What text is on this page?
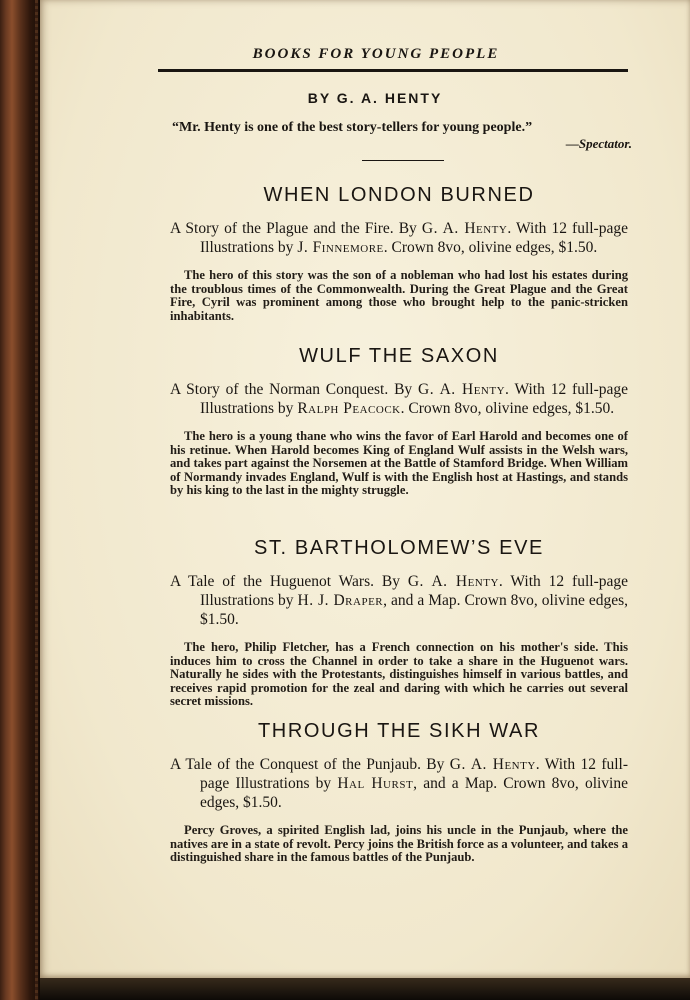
BOOKS FOR YOUNG PEOPLE
BY G. A. HENTY
“Mr. Henty is one of the best story-tellers for young people.”
—Spectator.
WHEN LONDON BURNED

A Story of the Plague and the Fire. By G. A. Henty. With 12 full-page Illustrations by J. Finnemore. Crown 8vo, olivine edges, $1.50.

The hero of this story was the son of a nobleman who had lost his estates during the troublous times of the Commonwealth. During the Great Plague and the Great Fire, Cyril was prominent among those who brought help to the panic-stricken inhabitants.

WULF THE SAXON

A Story of the Norman Conquest. By G. A. Henty. With 12 full-page Illustrations by Ralph Peacock. Crown 8vo, olivine edges, $1.50.

The hero is a young thane who wins the favor of Earl Harold and becomes one of his retinue. When Harold becomes King of England Wulf assists in the Welsh wars, and takes part against the Norsemen at the Battle of Stamford Bridge. When William of Normandy invades England, Wulf is with the English host at Hastings, and stands by his king to the last in the mighty struggle.

ST. BARTHOLOMEW’S EVE

A Tale of the Huguenot Wars. By G. A. Henty. With 12 full-page Illustrations by H. J. Draper, and a Map. Crown 8vo, olivine edges, $1.50.

The hero, Philip Fletcher, has a French connection on his mother's side. This induces him to cross the Channel in order to take a share in the Huguenot wars. Naturally he sides with the Protestants, distinguishes himself in various battles, and receives rapid promotion for the zeal and daring with which he carries out several secret missions.

THROUGH THE SIKH WAR

A Tale of the Conquest of the Punjaub. By G. A. Henty. With 12 full-page Illustrations by Hal Hurst, and a Map. Crown 8vo, olivine edges, $1.50.

Percy Groves, a spirited English lad, joins his uncle in the Punjaub, where the natives are in a state of revolt. Percy joins the British force as a volunteer, and takes a distinguished share in the famous battles of the Punjaub.
